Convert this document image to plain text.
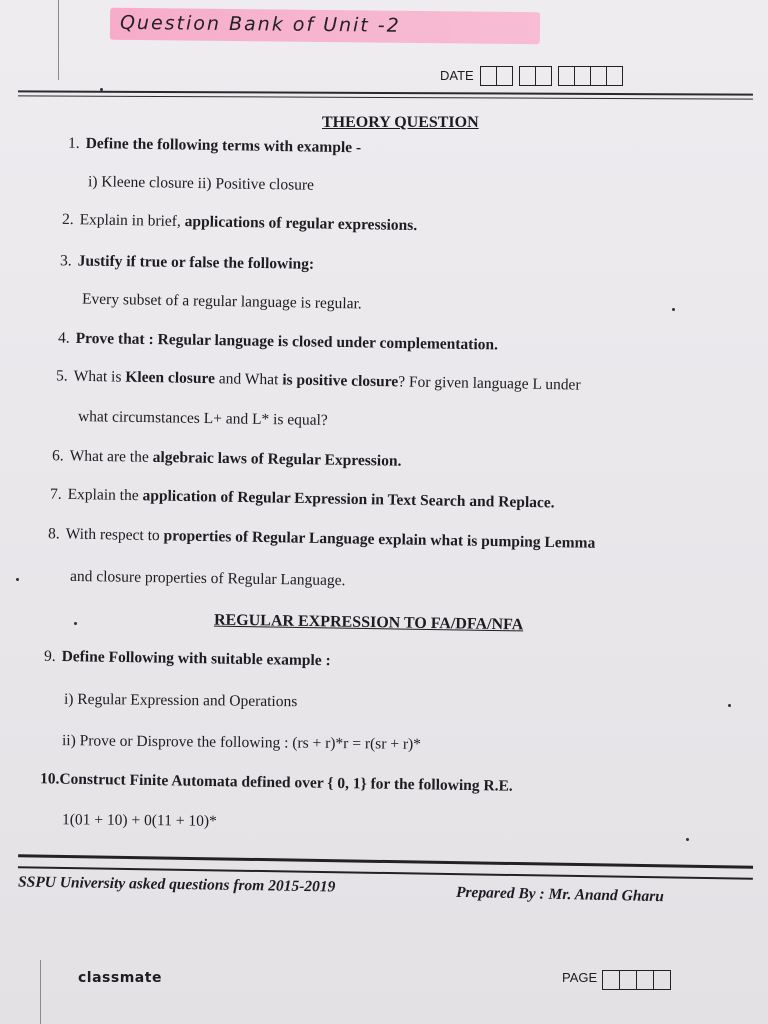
Question Bank of Unit -2
DATE
THEORY QUESTION
1. Define the following terms with example -
i) Kleene closure ii) Positive closure
2. Explain in brief, applications of regular expressions.
3. Justify if true or false the following:
Every subset of a regular language is regular.
4. Prove that : Regular language is closed under complementation.
5. What is Kleen closure and What is positive closure? For given language L under
what circumstances L+ and L* is equal?
6. What are the algebraic laws of Regular Expression.
7. Explain the application of Regular Expression in Text Search and Replace.
8. With respect to properties of Regular Language explain what is pumping Lemma
and closure properties of Regular Language.
REGULAR EXPRESSION TO FA/DFA/NFA
9. Define Following with suitable example :
i) Regular Expression and Operations
ii) Prove or Disprove the following : (rs + r)*r = r(sr + r)*
10.Construct Finite Automata defined over { 0, 1} for the following R.E.
1(01 + 10) + 0(11 + 10)*
SSPU University asked questions from 2015-2019	Prepared By : Mr. Anand Gharu
classmate	PAGE
